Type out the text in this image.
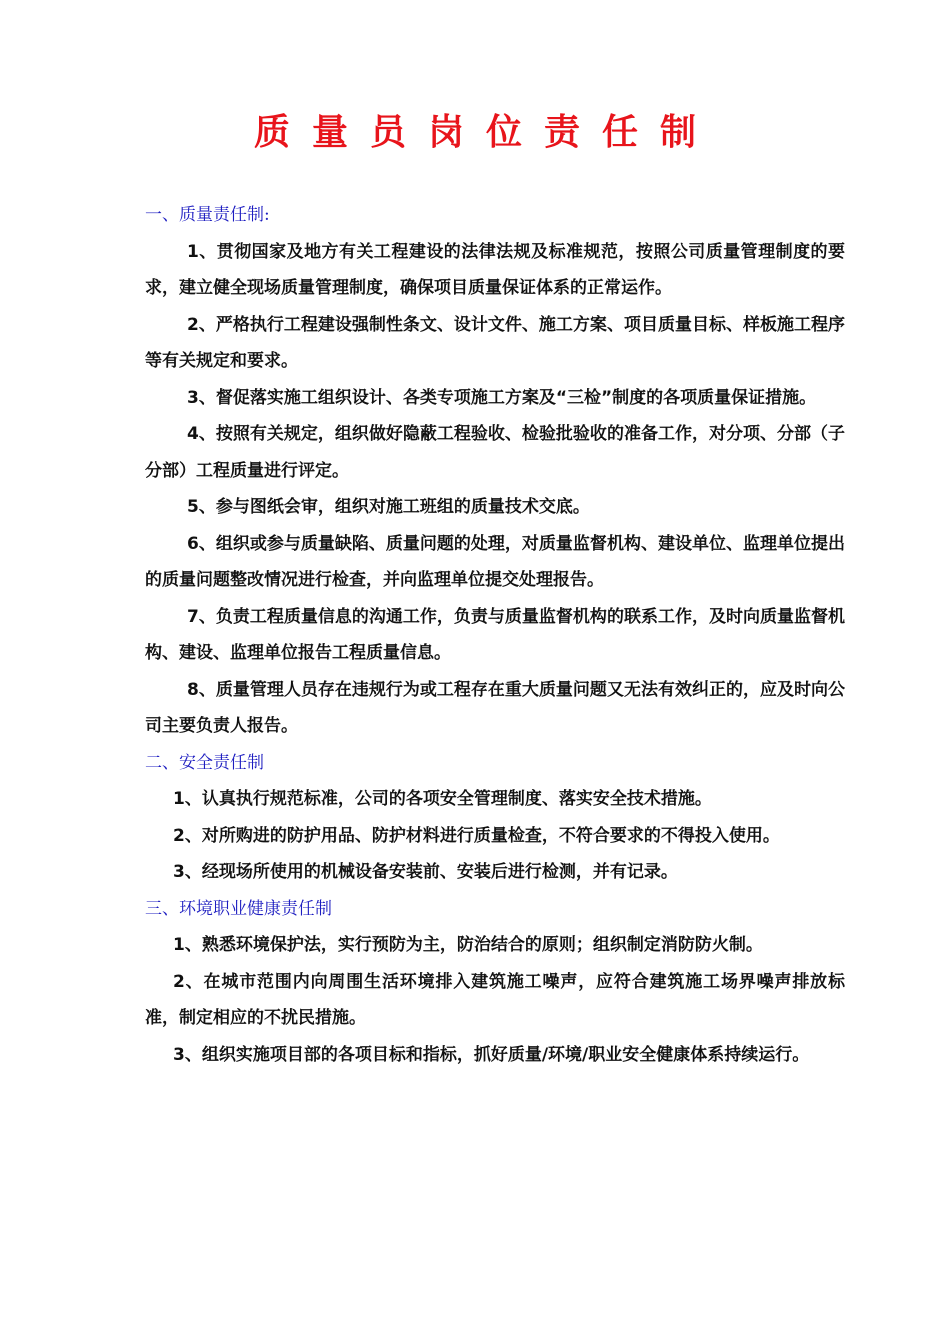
质量员岗位责任制

一、质量责任制:

1、贯彻国家及地方有关工程建设的法律法规及标准规范，按照公司质量管理制度的要求，建立健全现场质量管理制度，确保项目质量保证体系的正常运作。

2、严格执行工程建设强制性条文、设计文件、施工方案、项目质量目标、样板施工程序等有关规定和要求。

3、督促落实施工组织设计、各类专项施工方案及“三检”制度的各项质量保证措施。

4、按照有关规定，组织做好隐蔽工程验收、检验批验收的准备工作，对分项、分部（子分部）工程质量进行评定。

5、参与图纸会审，组织对施工班组的质量技术交底。

6、组织或参与质量缺陷、质量问题的处理，对质量监督机构、建设单位、监理单位提出的质量问题整改情况进行检查，并向监理单位提交处理报告。

7、负责工程质量信息的沟通工作，负责与质量监督机构的联系工作，及时向质量监督机构、建设、监理单位报告工程质量信息。

8、质量管理人员存在违规行为或工程存在重大质量问题又无法有效纠正的，应及时向公司主要负责人报告。

二、安全责任制

1、认真执行规范标准，公司的各项安全管理制度、落实安全技术措施。

2、对所购进的防护用品、防护材料进行质量检查，不符合要求的不得投入使用。

3、经现场所使用的机械设备安装前、安装后进行检测，并有记录。

三、环境职业健康责任制

1、熟悉环境保护法，实行预防为主，防治结合的原则；组织制定消防防火制。

2、在城市范围内向周围生活环境排入建筑施工噪声，应符合建筑施工场界噪声排放标准，制定相应的不扰民措施。

3、组织实施项目部的各项目标和指标，抓好质量/环境/职业安全健康体系持续运行。
